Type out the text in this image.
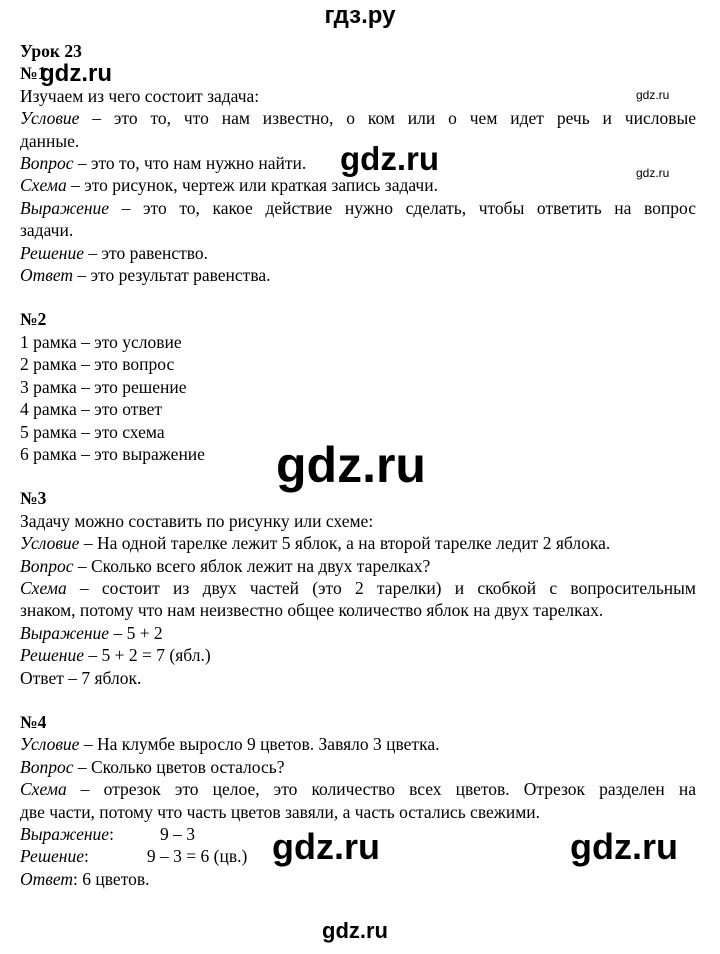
гдз.ру
Урок 23
№1
Изучаем из чего состоит задача:
Условие – это то, что нам известно, о ком или о чем идет речь и числовые
данные.
Вопрос – это то, что нам нужно найти.
Схема – это рисунок, чертеж или краткая запись задачи.
Выражение – это то, какое действие нужно сделать, чтобы ответить на вопрос
задачи.
Решение – это равенство.
Ответ – это результат равенства.
№2
1 рамка – это условие
2 рамка – это вопрос
3 рамка – это решение
4 рамка – это ответ
5 рамка – это схема
6 рамка – это выражение
№3
Задачу можно составить по рисунку или схеме:
Условие – На одной тарелке лежит 5 яблок, а на второй тарелке ледит 2 яблока.
Вопрос – Сколько всего яблок лежит на двух тарелках?
Схема – состоит из двух частей (это 2 тарелки) и скобкой с вопросительным
знаком, потому что нам неизвестно общее количество яблок на двух тарелках.
Выражение – 5 + 2
Решение – 5 + 2 = 7 (ябл.)
Ответ – 7 яблок.
№4
Условие – На клумбе выросло 9 цветов. Завяло 3 цветка.
Вопрос – Сколько цветов осталось?
Схема – отрезок это целое, это количество всех цветов. Отрезок разделен на
две части, потому что часть цветов завяли, а часть остались свежими.
Выражение:	9 – 3
Решение:	9 – 3 = 6 (цв.)
Ответ: 6 цветов.
gdz.ru
gdz.ru
gdz.ru	gdz.ru
gdz.ru
gdz.ru	gdz.ru
gdz.ru
